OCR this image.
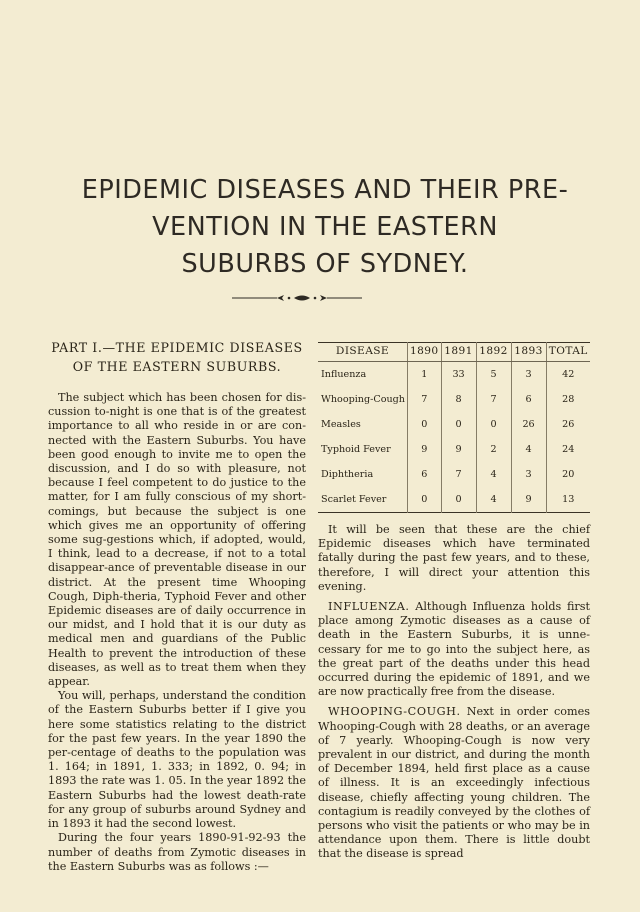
EPIDEMIC DISEASES AND THEIR PRE-
VENTION IN THE EASTERN
SUBURBS OF SYDNEY.
PART I.—THE EPIDEMIC DISEASES
OF THE EASTERN SUBURBS.

The subject which has been chosen for dis-cussion to-night is one that is of the greatest importance to all who reside in or are con-nected with the Eastern Suburbs. You have been good enough to invite me to open the discussion, and I do so with pleasure, not because I feel competent to do justice to the matter, for I am fully conscious of my short-comings, but because the subject is one which gives me an opportunity of offering some sug-gestions which, if adopted, would, I think, lead to a decrease, if not to a total disappear-ance of preventable disease in our district. At the present time Whooping Cough, Diph-theria, Typhoid Fever and other Epidemic diseases are of daily occurrence in our midst, and I hold that it is our duty as medical men and guardians of the Public Health to prevent the introduction of these diseases, as well as to treat them when they appear.

You will, perhaps, understand the condition of the Eastern Suburbs better if I give you here some statistics relating to the district for the past few years. In the year 1890 the per-centage of deaths to the population was 1. 164; in 1891, 1. 333; in 1892, 0. 94; in 1893 the rate was 1. 05. In the year 1892 the Eastern Suburbs had the lowest death-rate for any group of suburbs around Sydney and in 1893 it had the second lowest.

During the four years 1890-91-92-93 the number of deaths from Zymotic diseases in the Eastern Suburbs was as follows :—

DISEASE	1890	1891	1892	1893	TOTAL
Influenza	1	33	5	3	42
Whooping-Cough	7	8	7	6	28
Measles	0	0	0	26	26
Typhoid Fever	9	9	2	4	24
Diphtheria	6	7	4	3	20
Scarlet Fever	0	0	4	9	13

It will be seen that these are the chief Epidemic diseases which have terminated fatally during the past few years, and to these, therefore, I will direct your attention this evening.

INFLUENZA. Although Influenza holds first place among Zymotic diseases as a cause of death in the Eastern Suburbs, it is unne-cessary for me to go into the subject here, as the great part of the deaths under this head occurred during the epidemic of 1891, and we are now practically free from the disease.

WHOOPING-COUGH. Next in order comes Whooping-Cough with 28 deaths, or an average of 7 yearly. Whooping-Cough is now very prevalent in our district, and during the month of December 1894, held first place as a cause of illness. It is an exceedingly infectious disease, chiefly affecting young children. The contagium is readily conveyed by the clothes of persons who visit the patients or who may be in attendance upon them. There is little doubt that the disease is spread
